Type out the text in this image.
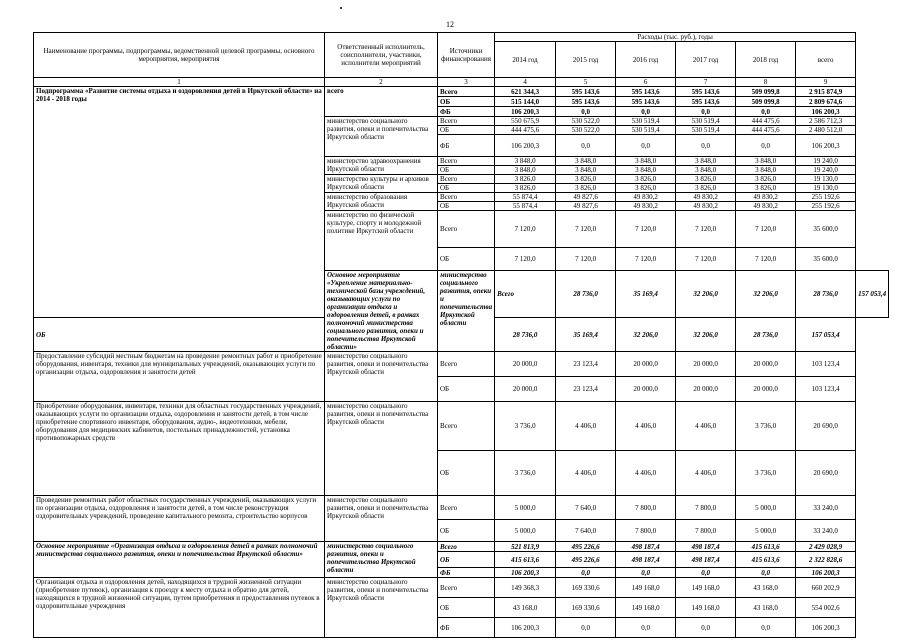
12
Наименование программы, подпрограммы, ведомственной целевой программы, основного мероприятия, мероприятия	Ответственный исполнитель, соисполнители, участники, исполнители мероприятий	Источники финансирования	Расходы (тыс. руб.), годы						
			2014 год	2015 год	2016 год	2017 год	2018 год	всего	
1	2	3	4	5	6	7	8	9	
Подпрограмма «Развитие системы отдыха и оздоровления детей в Иркутской области» на 2014 - 2018 годы	всего	Всего	621 344,3	595 143,6	595 143,6	595 143,6	509 099,8	2 915 874,9	
		ОБ	515 144,0	595 143,6	595 143,6	595 143,6	509 099,8	2 809 674,6	
		ФБ	106 200,3	0,0	0,0	0,0	0,0	106 200,3	
	министерство социального развития, опеки и попечительства Иркутской области	Всего	550 675,9	530 522,0	530 519,4	530 519,4	444 475,6	2 586 712,3	
		ОБ	444 475,6	530 522,0	530 519,4	530 519,4	444 475,6	2 480 512,0	
		ФБ	106 200,3	0,0	0,0	0,0	0,0	106 200,3	
	министерство здравоохранения Иркутской области	Всего	3 848,0	3 848,0	3 848,0	3 848,0	3 848,0	19 240,0	
		ОБ	3 848,0	3 848,0	3 848,0	3 848,0	3 848,0	19 240,0	
	министерство культуры и архивов Иркутской области	Всего	3 826,0	3 826,0	3 826,0	3 826,0	3 826,0	19 130,0	
		ОБ	3 826,0	3 826,0	3 826,0	3 826,0	3 826,0	19 130,0	
	министерство образования Иркутской области	Всего	55 874,4	49 827,6	49 830,2	49 830,2	49 830,2	255 192,6	
		ОБ	55 874,4	49 827,6	49 830,2	49 830,2	49 830,2	255 192,6	
	министерство по физической культуре, спорту и молодежной политике Иркутской области	Всего	7 120,0	7 120,0	7 120,0	7 120,0	7 120,0	35 600,0	
		ОБ	7 120,0	7 120,0	7 120,0	7 120,0	7 120,0	35 600,0	
	Основное мероприятие «Укрепление материально-технической базы учреждений, оказывающих услуги по организации отдыха и оздоровления детей, в рамках полномочий министерства социального развития, опеки и попечительства Иркутской области»	министерство социального развития, опеки и попечительства Иркутской области	Всего	28 736,0	35 169,4	32 206,0	32 206,0	28 736,0	157 053,4
ОБ			28 736,0	35 169,4	32 206,0	32 206,0	28 736,0	157 053,4	
Предоставление субсидий местным бюджетам на проведение ремонтных работ и приобретение оборудования, инвентаря, техники для муниципальных учреждений, оказывающих услуги по организации отдыха, оздоровления и занятости детей	министерство социального развития, опеки и попечительства Иркутской области	Всего	20 000,0	23 123,4	20 000,0	20 000,0	20 000,0	103 123,4	
		ОБ	20 000,0	23 123,4	20 000,0	20 000,0	20 000,0	103 123,4	
Приобретение оборудования, инвентаря, техники для областных государственных учреждений, оказывающих услуги по организации отдыха, оздоровления и занятости детей, в том числе приобретение спортивного инвентаря, оборудования, аудио-, видеотехники, мебели, оборудования для медицинских кабинетов, постельных принадлежностей, установка противопожарных средств	министерство социального развития, опеки и попечительства Иркутской области	Всего	3 736,0	4 406,0	4 406,0	4 406,0	3 736,0	20 690,0	
		ОБ	3 736,0	4 406,0	4 406,0	4 406,0	3 736,0	20 690,0	
Проведение ремонтных работ областных государственных учреждений, оказывающих услуги по организации отдыха, оздоровления и занятости детей, в том числе реконструкция оздоровительных учреждений, проведение капитального ремонта, строительство корпусов	министерство социального развития, опеки и попечительства Иркутской области	Всего	5 000,0	7 640,0	7 800,0	7 800,0	5 000,0	33 240,0	
		ОБ	5 000,0	7 640,0	7 800,0	7 800,0	5 000,0	33 240,0	
Основное мероприятие «Организация отдыха и оздоровления детей в рамках полномочий министерства социального развития, опеки и попечительства Иркутской области»	министерство социального развития, опеки и попечительства Иркутской области	Всего	521 813,9	495 226,6	498 187,4	498 187,4	415 613,6	2 429 028,9	
		ОБ	415 613,6	495 226,6	498 187,4	498 187,4	415 613,6	2 322 828,6	
		ФБ	106 200,3	0,0	0,0	0,0	0,0	106 200,3	
Организация отдыха и оздоровления детей, находящихся в трудной жизненной ситуации (приобретение путевок), организация к проезду к месту отдыха и обратно для детей, находящихся в трудной жизненной ситуации, путем приобретения и предоставления путевок в оздоровительные учреждения	министерство социального развития, опеки и попечительства Иркутской области	Всего	149 368,3	169 330,6	149 168,0	149 168,0	43 168,0	660 202,9	
		ОБ	43 168,0	169 330,6	149 168,0	149 168,0	43 168,0	554 002,6	
		ФБ	106 200,3	0,0	0,0	0,0	0,0	106 200,3	
